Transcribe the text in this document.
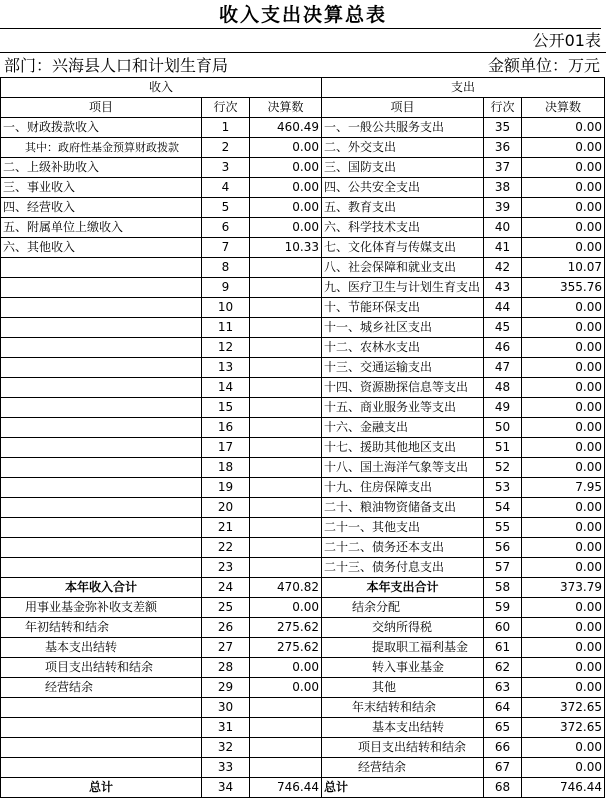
收入支出决算总表
公开01表
部门：兴海县人口和计划生育局	金额单位：万元
收入			支出		
项目	行次	决算数	项目	行次	决算数
一、财政拨款收入	1	460.49	一、一般公共服务支出	35	0.00
其中：政府性基金预算财政拨款	2	0.00	二、外交支出	36	0.00
二、上级补助收入	3	0.00	三、国防支出	37	0.00
三、事业收入	4	0.00	四、公共安全支出	38	0.00
四、经营收入	5	0.00	五、教育支出	39	0.00
五、附属单位上缴收入	6	0.00	六、科学技术支出	40	0.00
六、其他收入	7	10.33	七、文化体育与传媒支出	41	0.00
	8		八、社会保障和就业支出	42	10.07
	9		九、医疗卫生与计划生育支出	43	355.76
	10		十、节能环保支出	44	0.00
	11		十一、城乡社区支出	45	0.00
	12		十二、农林水支出	46	0.00
	13		十三、交通运输支出	47	0.00
	14		十四、资源勘探信息等支出	48	0.00
	15		十五、商业服务业等支出	49	0.00
	16		十六、金融支出	50	0.00
	17		十七、援助其他地区支出	51	0.00
	18		十八、国土海洋气象等支出	52	0.00
	19		十九、住房保障支出	53	7.95
	20		二十、粮油物资储备支出	54	0.00
	21		二十一、其他支出	55	0.00
	22		二十二、债务还本支出	56	0.00
	23		二十三、债务付息支出	57	0.00
本年收入合计	24	470.82	本年支出合计	58	373.79
用事业基金弥补收支差额	25	0.00	结余分配	59	0.00
年初结转和结余	26	275.62	交纳所得税	60	0.00
基本支出结转	27	275.62	提取职工福利基金	61	0.00
项目支出结转和结余	28	0.00	转入事业基金	62	0.00
经营结余	29	0.00	其他	63	0.00
	30		年末结转和结余	64	372.65
	31		基本支出结转	65	372.65
	32		项目支出结转和结余	66	0.00
	33		经营结余	67	0.00
总计	34	746.44	总计	68	746.44
